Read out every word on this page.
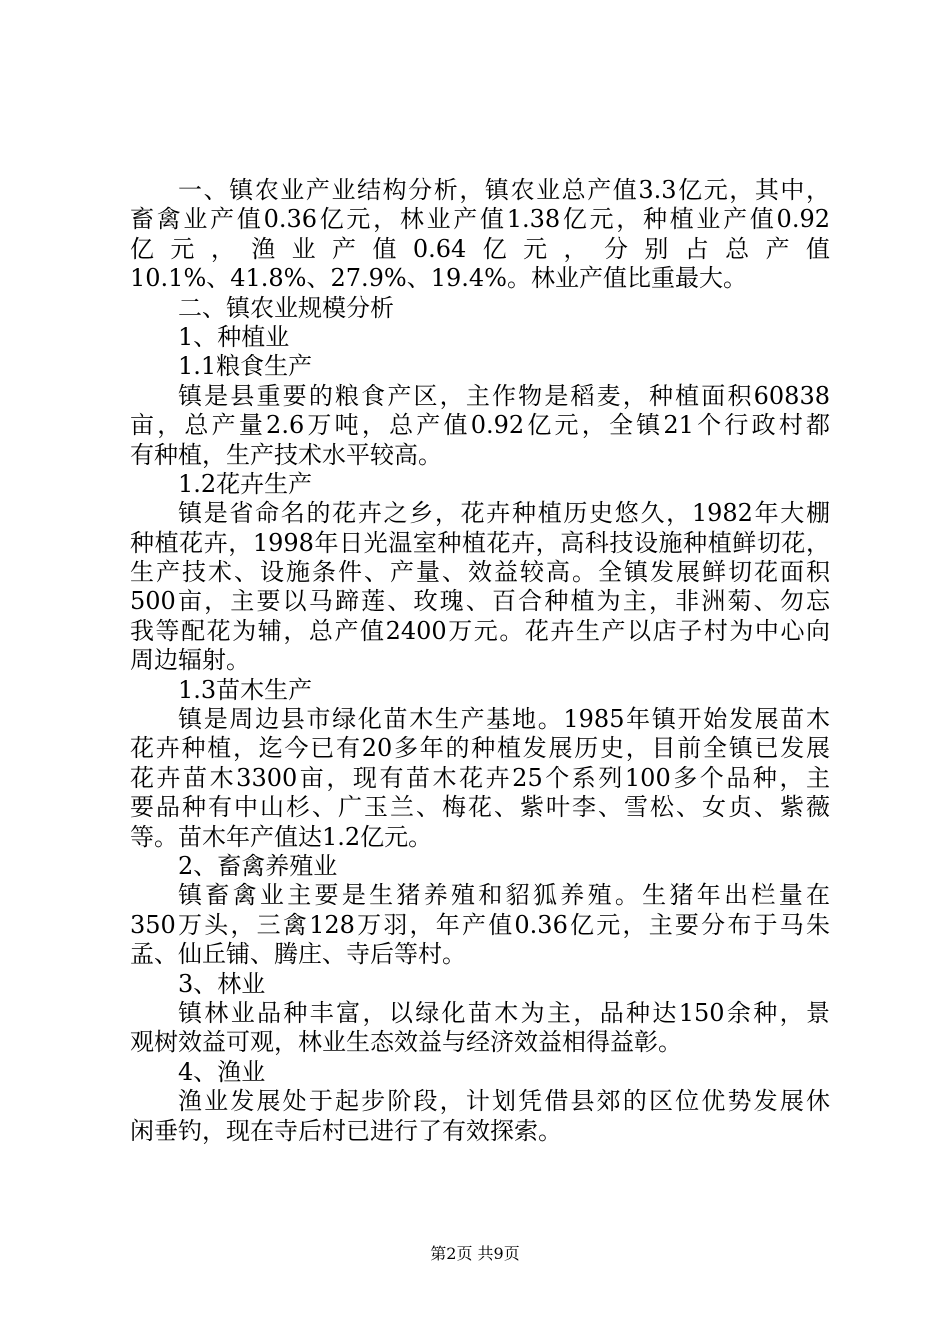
一、镇农业产业结构分析，镇农业总产值3.3亿元，其中，
畜禽业产值0.36亿元，林业产值1.38亿元，种植业产值0.92
亿元，渔业产值0.64亿元，分别占总产值
10.1%、41.8%、27.9%、19.4%。林业产值比重最大。
二、镇农业规模分析
1、种植业
1.1粮食生产
镇是县重要的粮食产区，主作物是稻麦，种植面积60838
亩，总产量2.6万吨，总产值0.92亿元，全镇21个行政村都
有种植，生产技术水平较高。
1.2花卉生产
镇是省命名的花卉之乡，花卉种植历史悠久，1982年大棚
种植花卉，1998年日光温室种植花卉，高科技设施种植鲜切花，
生产技术、设施条件、产量、效益较高。全镇发展鲜切花面积
500亩，主要以马蹄莲、玫瑰、百合种植为主，非洲菊、勿忘
我等配花为辅，总产值2400万元。花卉生产以店子村为中心向
周边辐射。
1.3苗木生产
镇是周边县市绿化苗木生产基地。1985年镇开始发展苗木
花卉种植，迄今已有20多年的种植发展历史，目前全镇已发展
花卉苗木3300亩，现有苗木花卉25个系列100多个品种，主
要品种有中山杉、广玉兰、梅花、紫叶李、雪松、女贞、紫薇
等。苗木年产值达1.2亿元。
2、畜禽养殖业
镇畜禽业主要是生猪养殖和貂狐养殖。生猪年出栏量在
350万头，三禽128万羽，年产值0.36亿元，主要分布于马朱
孟、仙丘铺、腾庄、寺后等村。
3、林业
镇林业品种丰富，以绿化苗木为主，品种达150余种，景
观树效益可观，林业生态效益与经济效益相得益彰。
4、渔业
渔业发展处于起步阶段，计划凭借县郊的区位优势发展休
闲垂钓，现在寺后村已进行了有效探索。
第2页 共9页
